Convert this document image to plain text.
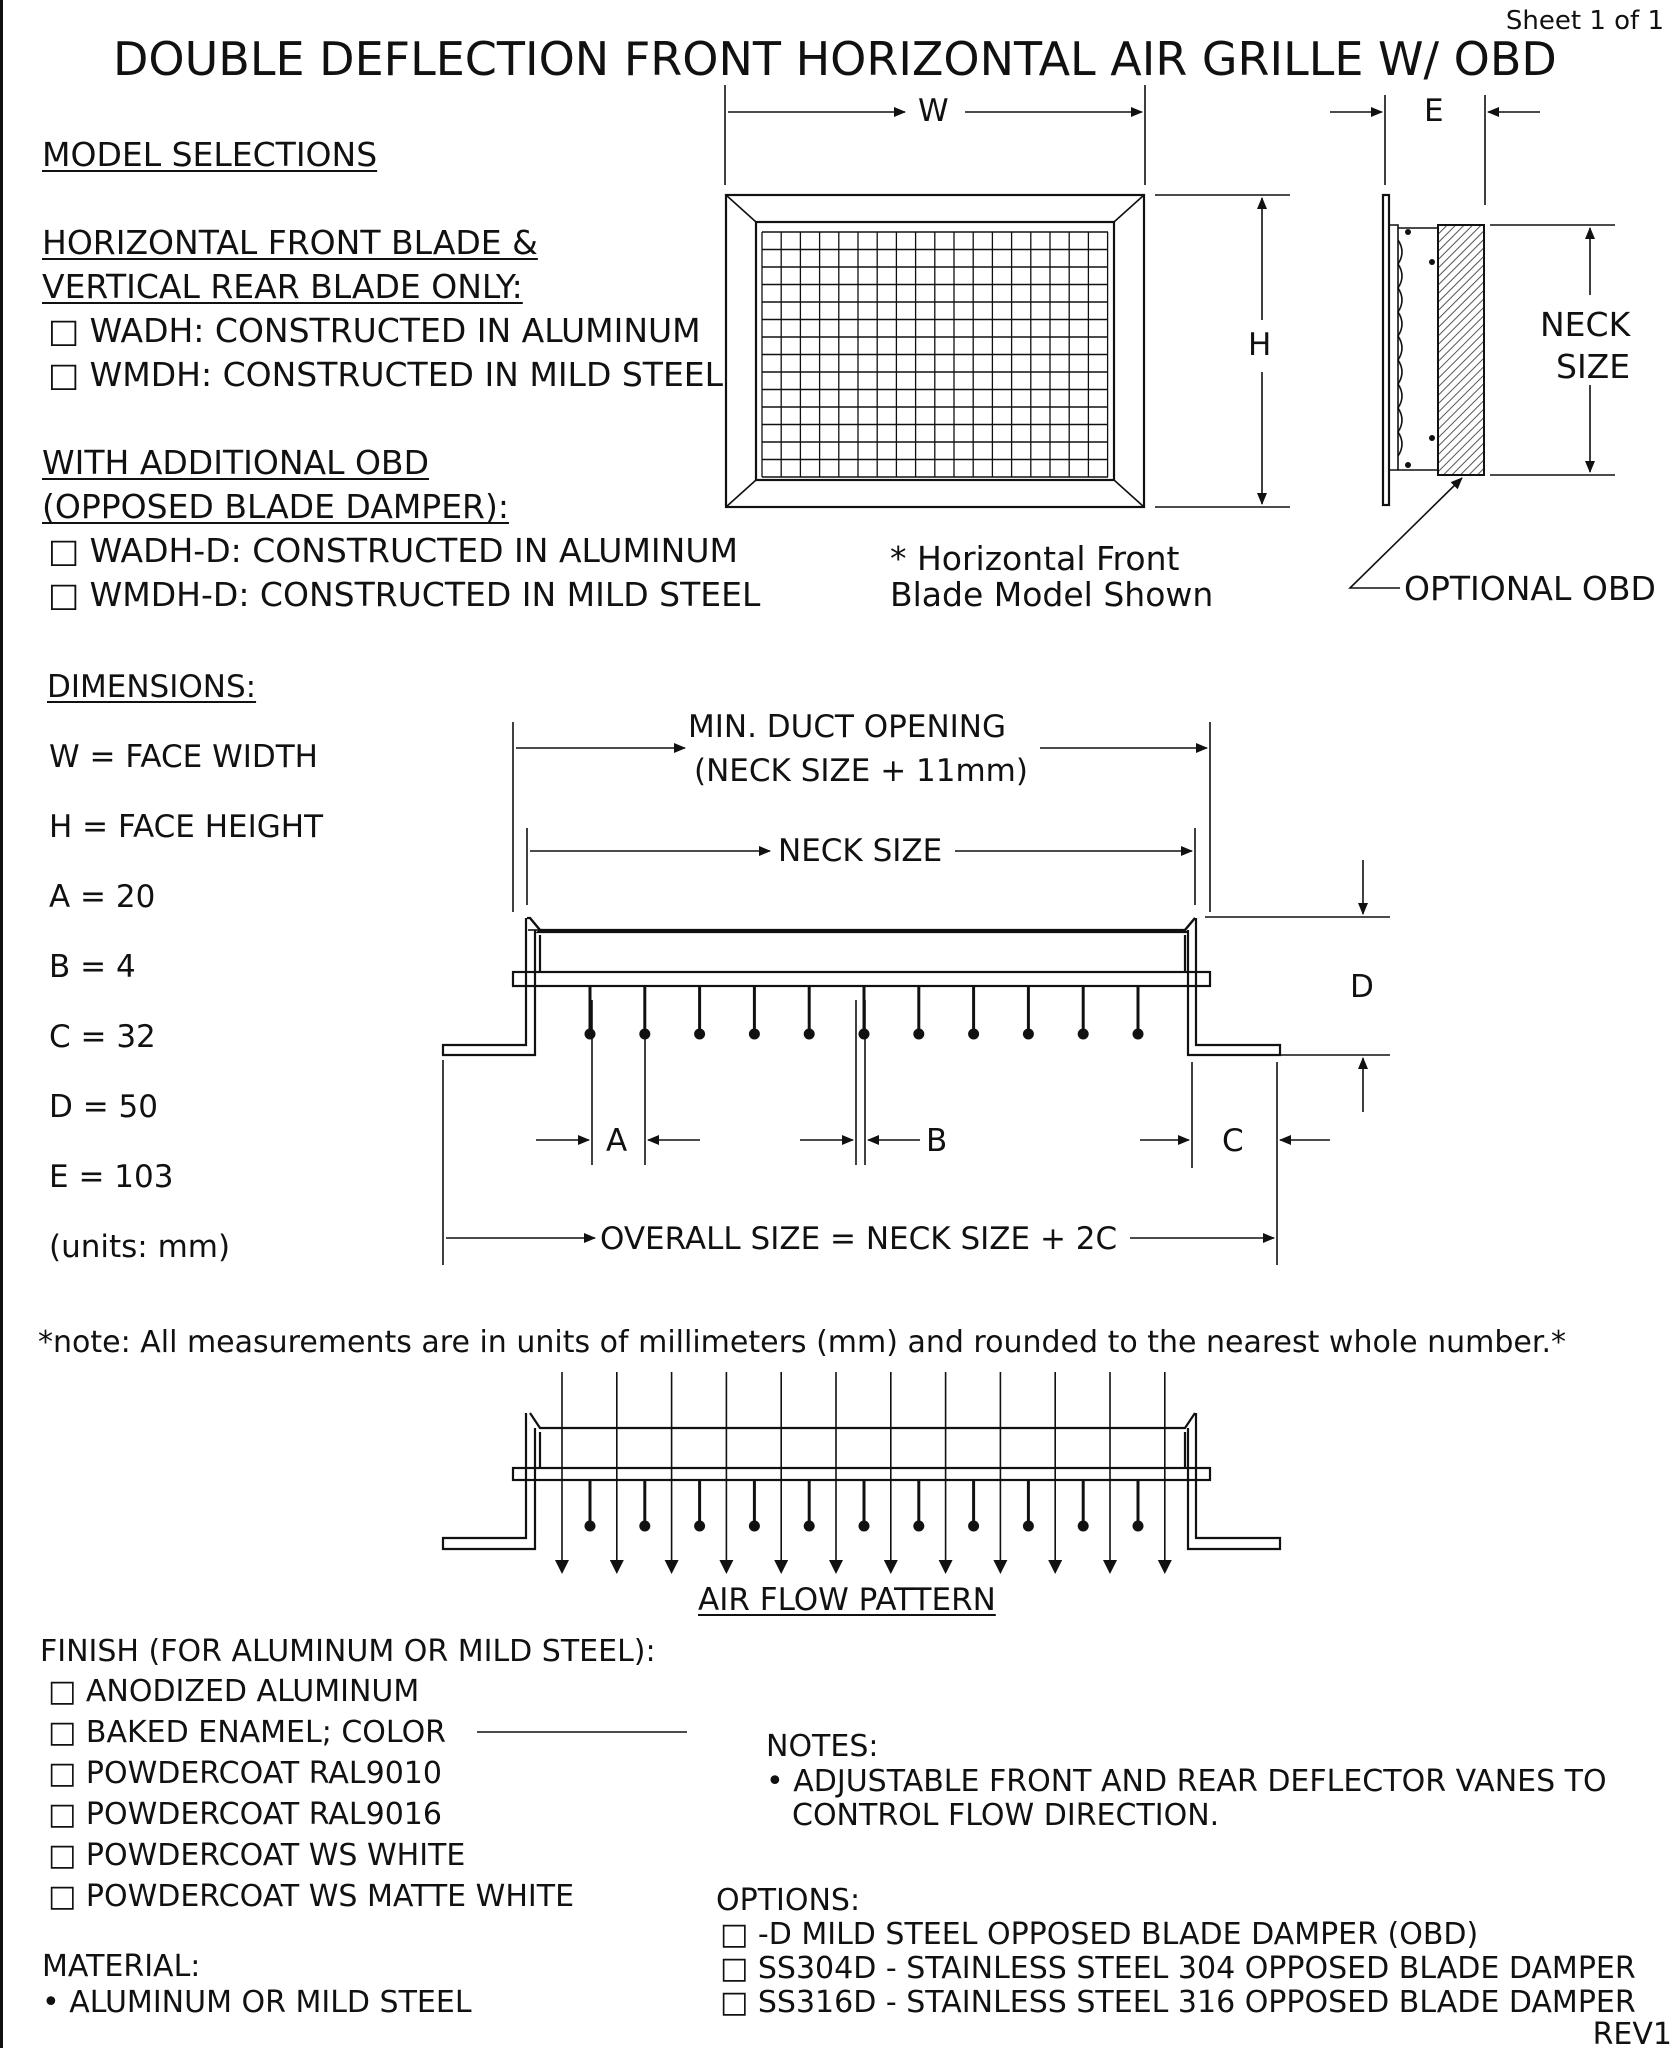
Sheet 1 of 1
DOUBLE DEFLECTION FRONT HORIZONTAL AIR GRILLE W/ OBD
MODEL SELECTIONS
HORIZONTAL FRONT BLADE &
VERTICAL REAR BLADE ONLY:
□ WADH: CONSTRUCTED IN ALUMINUM
□ WMDH: CONSTRUCTED IN MILD STEEL
WITH ADDITIONAL OBD
(OPPOSED BLADE DAMPER):
□ WADH-D: CONSTRUCTED IN ALUMINUM
□ WMDH-D: CONSTRUCTED IN MILD STEEL
W
H
* Horizontal Front
Blade Model Shown
E
NECK
SIZE
OPTIONAL OBD
DIMENSIONS:
W = FACE WIDTH
H = FACE HEIGHT
A = 20
B = 4
C = 32
D = 50
E = 103
(units: mm)
MIN. DUCT OPENING
(NECK SIZE + 11mm)
NECK SIZE
D
A	B	C
OVERALL SIZE = NECK SIZE + 2C
*note: All measurements are in units of millimeters (mm) and rounded to the nearest whole number.*
AIR FLOW PATTERN
FINISH (FOR ALUMINUM OR MILD STEEL):
□ ANODIZED ALUMINUM
□ BAKED ENAMEL; COLOR
□ POWDERCOAT RAL9010
□ POWDERCOAT RAL9016
□ POWDERCOAT WS WHITE
□ POWDERCOAT WS MATTE WHITE
MATERIAL:
• ALUMINUM OR MILD STEEL
NOTES:
• ADJUSTABLE FRONT AND REAR DEFLECTOR VANES TO
CONTROL FLOW DIRECTION.
OPTIONS:
□ -D MILD STEEL OPPOSED BLADE DAMPER (OBD)
□ SS304D - STAINLESS STEEL 304 OPPOSED BLADE DAMPER
□ SS316D - STAINLESS STEEL 316 OPPOSED BLADE DAMPER
REV1
